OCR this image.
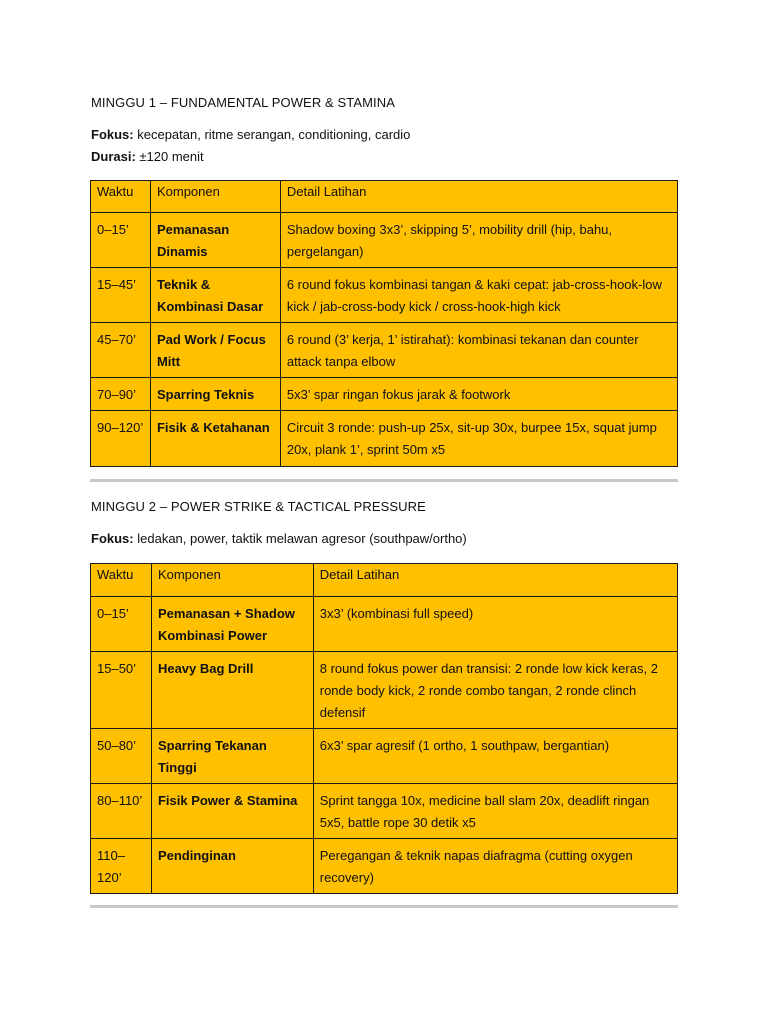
MINGGU 1 – FUNDAMENTAL POWER & STAMINA
Fokus: kecepatan, ritme serangan, conditioning, cardio
Durasi: ±120 menit
Waktu	Komponen	Detail Latihan

0–15’	Pemanasan Dinamis	Shadow boxing 3x3’, skipping 5’, mobility drill (hip, bahu, pergelangan)
15–45’	Teknik & Kombinasi Dasar	6 round fokus kombinasi tangan & kaki cepat: jab-cross-hook-low kick / jab-cross-body kick / cross-hook-high kick
45–70’	Pad Work / Focus Mitt	6 round (3’ kerja, 1’ istirahat): kombinasi tekanan dan counter attack tanpa elbow
70–90’	Sparring Teknis	5x3’ spar ringan fokus jarak & footwork
90–120’	Fisik & Ketahanan	Circuit 3 ronde: push-up 25x, sit-up 30x, burpee 15x, squat jump 20x, plank 1’, sprint 50m x5
MINGGU 2 – POWER STRIKE & TACTICAL PRESSURE
Fokus: ledakan, power, taktik melawan agresor (southpaw/ortho)
Waktu	Komponen	Detail Latihan

0–15’	Pemanasan + Shadow Kombinasi Power	3x3’ (kombinasi full speed)
15–50’	Heavy Bag Drill	8 round fokus power dan transisi: 2 ronde low kick keras, 2 ronde body kick, 2 ronde combo tangan, 2 ronde clinch defensif
50–80’	Sparring Tekanan Tinggi	6x3’ spar agresif (1 ortho, 1 southpaw, bergantian)
80–110’	Fisik Power & Stamina	Sprint tangga 10x, medicine ball slam 20x, deadlift ringan 5x5, battle rope 30 detik x5
110–120’	Pendinginan	Peregangan & teknik napas diafragma (cutting oxygen recovery)
